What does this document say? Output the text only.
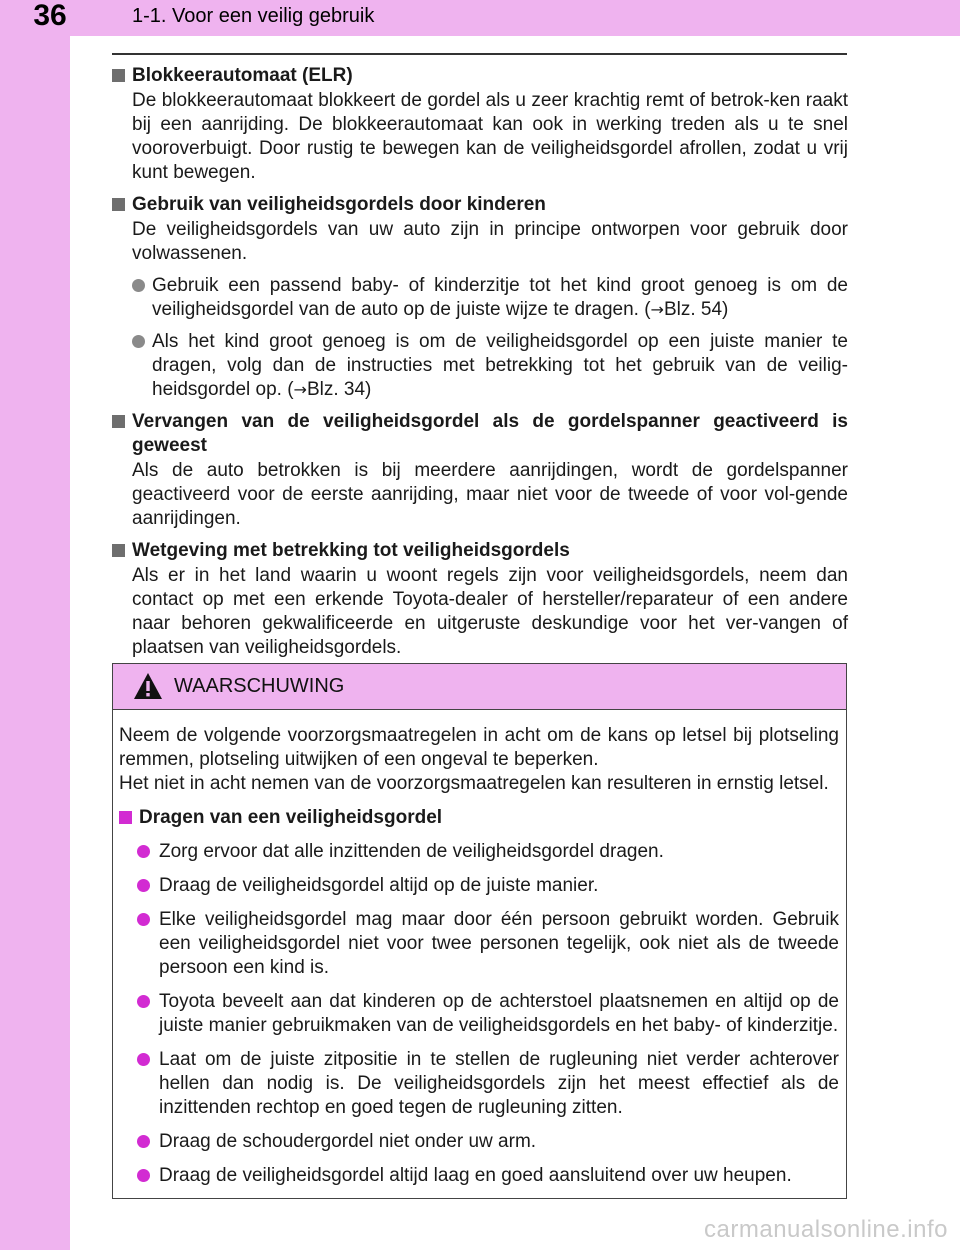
36	1-1. Voor een veilig gebruik
Blokkeerautomaat (ELR)
De blokkeerautomaat blokkeert de gordel als u zeer krachtig remt of betrok-ken raakt bij een aanrijding. De blokkeerautomaat kan ook in werking treden als u te snel vooroverbuigt. Door rustig te bewegen kan de veiligheidsgordel afrollen, zodat u vrij kunt bewegen.
Gebruik van veiligheidsgordels door kinderen
De veiligheidsgordels van uw auto zijn in principe ontworpen voor gebruik door volwassenen.
Gebruik een passend baby- of kinderzitje tot het kind groot genoeg is om de veiligheidsgordel van de auto op de juiste wijze te dragen. (→Blz. 54)
Als het kind groot genoeg is om de veiligheidsgordel op een juiste manier te dragen, volg dan de instructies met betrekking tot het gebruik van de veilig-heidsgordel op. (→Blz. 34)
Vervangen van de veiligheidsgordel als de gordelspanner geactiveerd is geweest
Als de auto betrokken is bij meerdere aanrijdingen, wordt de gordelspanner geactiveerd voor de eerste aanrijding, maar niet voor de tweede of voor vol-gende aanrijdingen.
Wetgeving met betrekking tot veiligheidsgordels
Als er in het land waarin u woont regels zijn voor veiligheidsgordels, neem dan contact op met een erkende Toyota-dealer of hersteller/reparateur of een andere naar behoren gekwalificeerde en uitgeruste deskundige voor het ver-vangen of plaatsen van veiligheidsgordels.
WAARSCHUWING
Neem de volgende voorzorgsmaatregelen in acht om de kans op letsel bij plotseling remmen, plotseling uitwijken of een ongeval te beperken.
Het niet in acht nemen van de voorzorgsmaatregelen kan resulteren in ernstig letsel.
Dragen van een veiligheidsgordel
Zorg ervoor dat alle inzittenden de veiligheidsgordel dragen.
Draag de veiligheidsgordel altijd op de juiste manier.
Elke veiligheidsgordel mag maar door één persoon gebruikt worden. Gebruik een veiligheidsgordel niet voor twee personen tegelijk, ook niet als de tweede persoon een kind is.
Toyota beveelt aan dat kinderen op de achterstoel plaatsnemen en altijd op de juiste manier gebruikmaken van de veiligheidsgordels en het baby- of kinderzitje.
Laat om de juiste zitpositie in te stellen de rugleuning niet verder achterover hellen dan nodig is. De veiligheidsgordels zijn het meest effectief als de inzittenden rechtop en goed tegen de rugleuning zitten.
Draag de schoudergordel niet onder uw arm.
Draag de veiligheidsgordel altijd laag en goed aansluitend over uw heupen.
carmanualsonline.info
